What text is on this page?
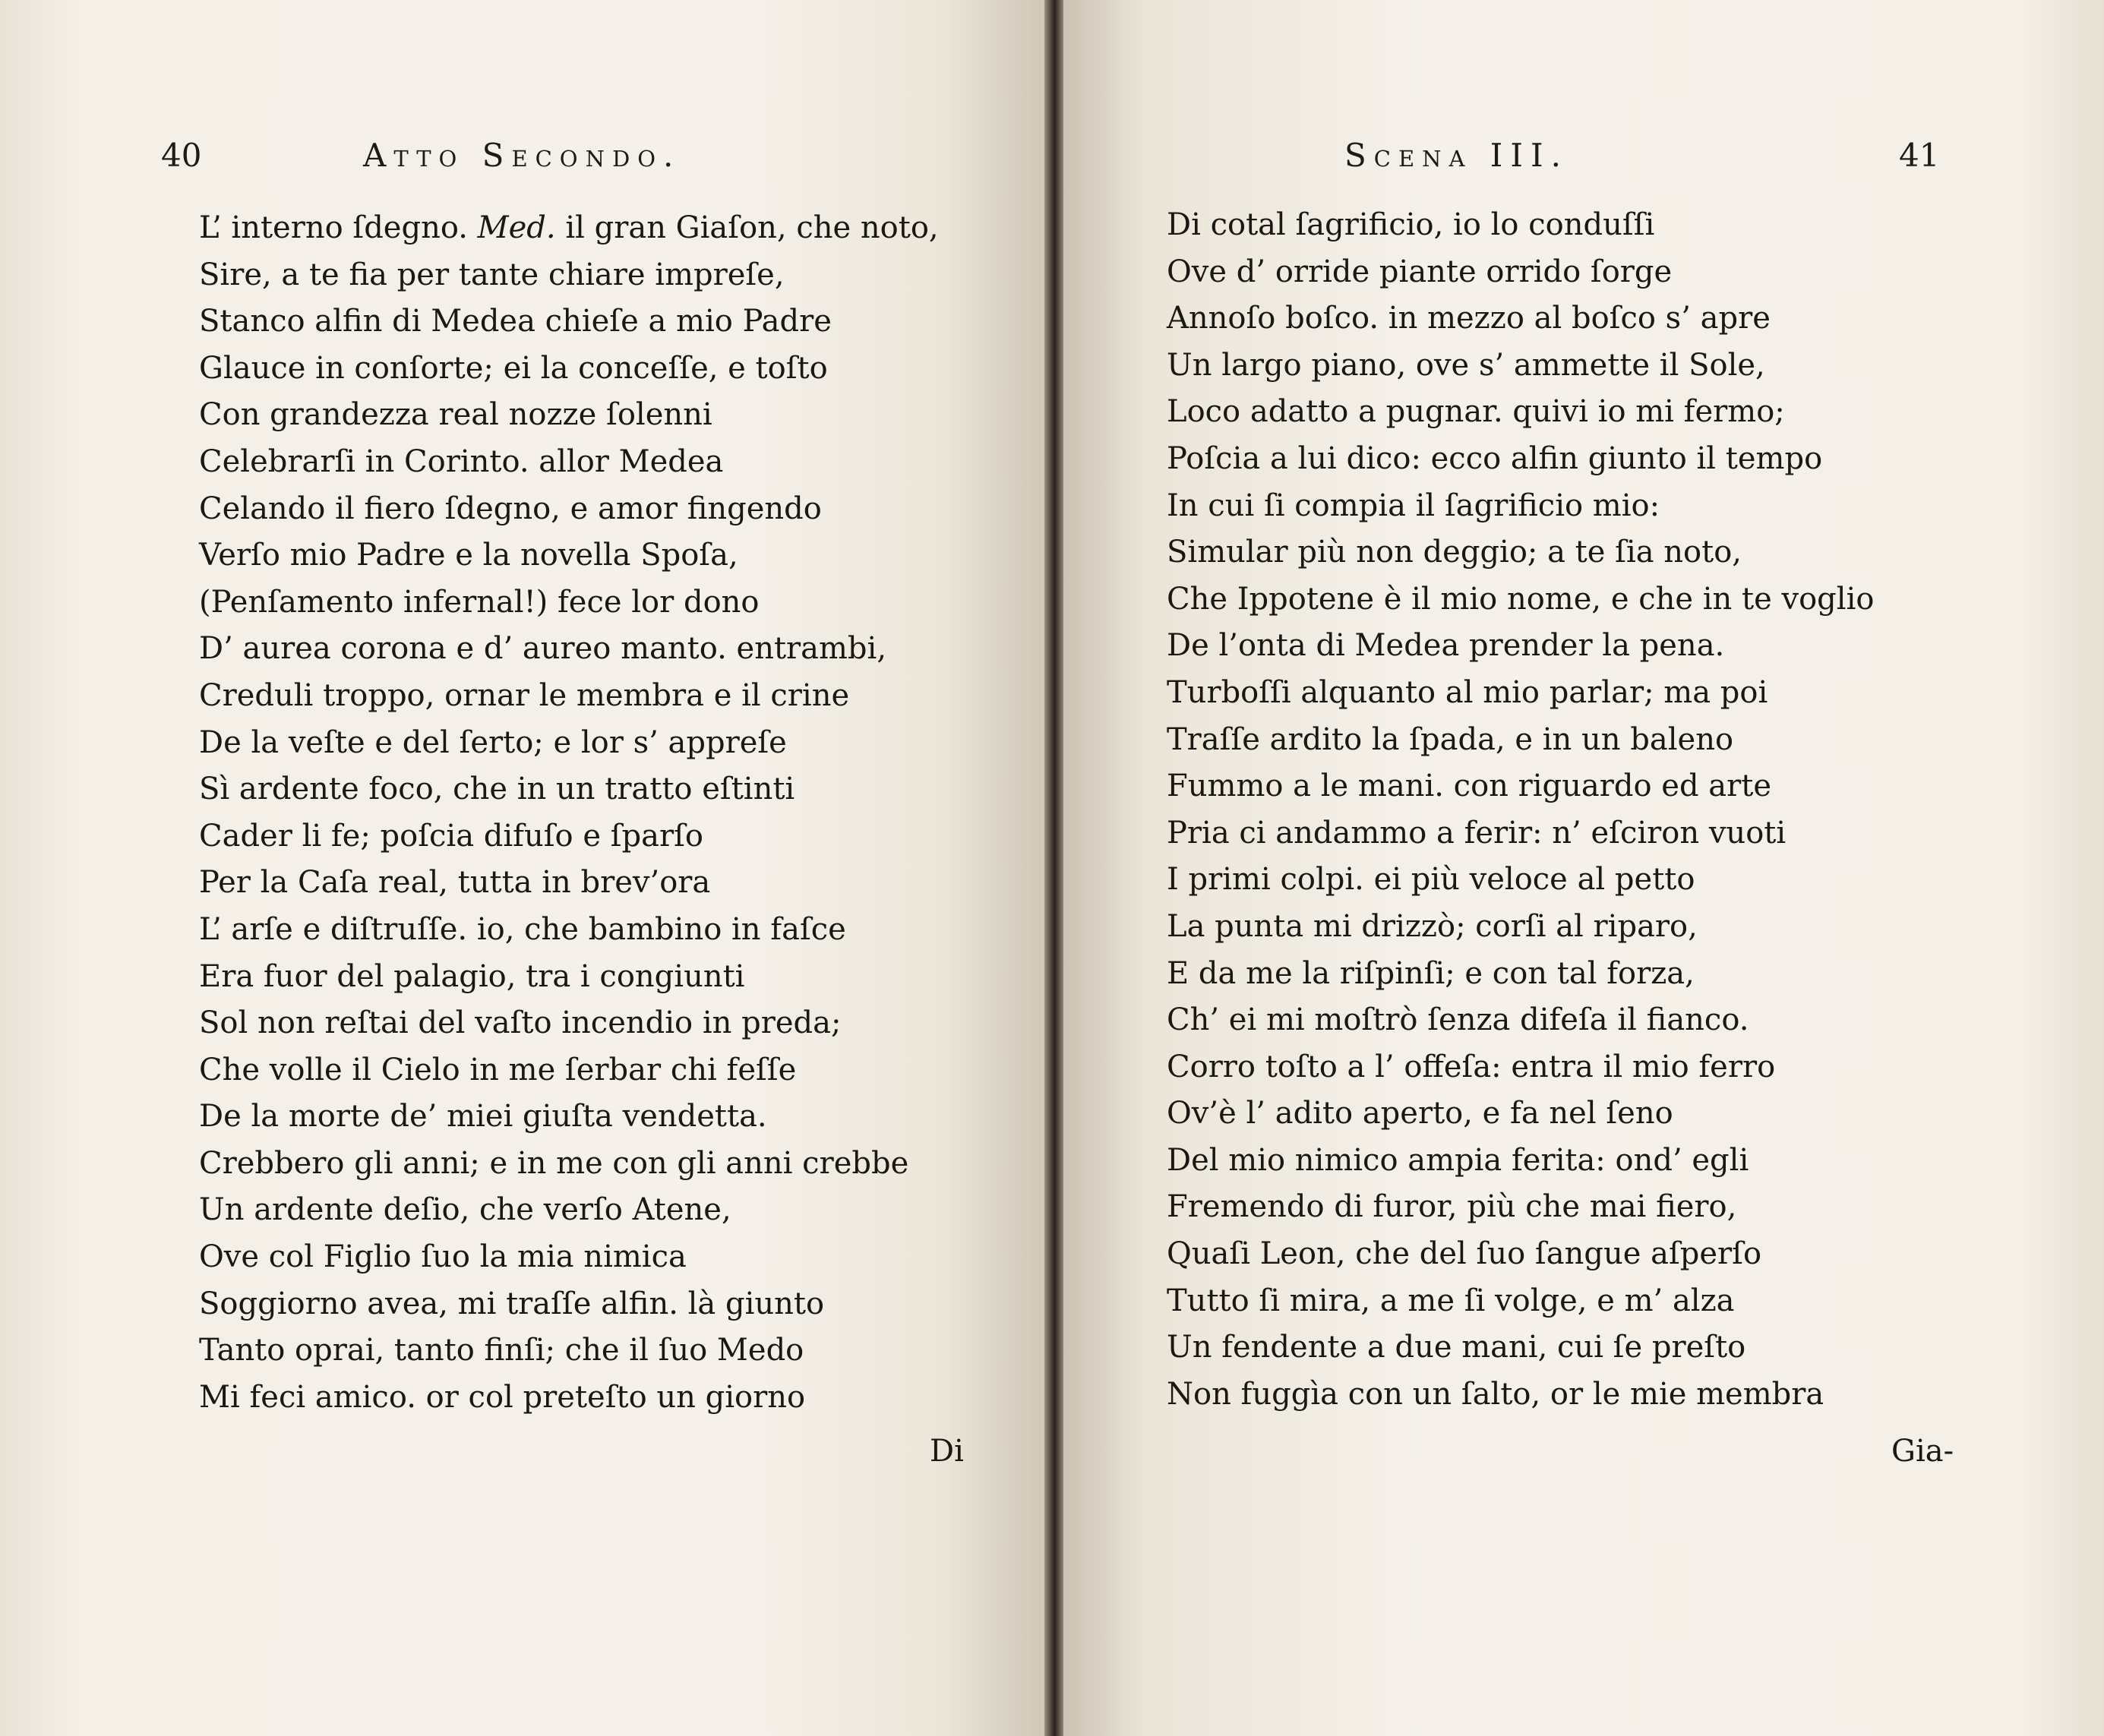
40	Atto Secondo.	Scena III.	41
L’ interno ſdegno. Med. il gran Giaſon, che noto,
Sire, a te fia per tante chiare impreſe,
Stanco alfin di Medea chieſe a mio Padre
Glauce in conſorte; ei la conceſſe, e toſto
Con grandezza real nozze ſolenni
Celebrarſi in Corinto. allor Medea
Celando il fiero ſdegno, e amor fingendo
Verſo mio Padre e la novella Spoſa,
(Penſamento infernal!) fece lor dono
D’ aurea corona e d’ aureo manto. entrambi,
Creduli troppo, ornar le membra e il crine
De la veſte e del ſerto; e lor s’ appreſe
Sì ardente foco, che in un tratto eſtinti
Cader li fe; poſcia difuſo e ſparſo
Per la Caſa real, tutta in brev’ora
L’ arſe e diſtruſſe. io, che bambino in faſce
Era fuor del palagio, tra i congiunti
Sol non reſtai del vaſto incendio in preda;
Che volle il Cielo in me ſerbar chi feſſe
De la morte de’ miei giuſta vendetta.
Crebbero gli anni; e in me con gli anni crebbe
Un ardente deſio, che verſo Atene,
Ove col Figlio ſuo la mia nimica
Soggiorno avea, mi traſſe alfin. là giunto
Tanto oprai, tanto finſi; che il ſuo Medo
Mi feci amico. or col preteſto un giorno
Di cotal ſagrificio, io lo conduſſi
Ove d’ orride piante orrido ſorge
Annoſo boſco. in mezzo al boſco s’ apre
Un largo piano, ove s’ ammette il Sole,
Loco adatto a pugnar. quivi io mi fermo;
Poſcia a lui dico: ecco alfin giunto il tempo
In cui ſi compia il ſagrificio mio:
Simular più non deggio; a te ſia noto,
Che Ippotene è il mio nome, e che in te voglio
De l’onta di Medea prender la pena.
Turboſſi alquanto al mio parlar; ma poi
Traſſe ardito la ſpada, e in un baleno
Fummo a le mani. con riguardo ed arte
Pria ci andammo a ferir: n’ eſciron vuoti
I primi colpi. ei più veloce al petto
La punta mi drizzò; corſi al riparo,
E da me la riſpinſi; e con tal forza,
Ch’ ei mi moſtrò ſenza difeſa il fianco.
Corro toſto a l’ offeſa: entra il mio ferro
Ov’è l’ adito aperto, e fa nel ſeno
Del mio nimico ampia ferita: ond’ egli
Fremendo di furor, più che mai fiero,
Quaſi Leon, che del ſuo ſangue aſperſo
Tutto ſi mira, a me ſi volge, e m’ alza
Un fendente a due mani, cui ſe preſto
Non fuggìa con un ſalto, or le mie membra
Di	Gia-
